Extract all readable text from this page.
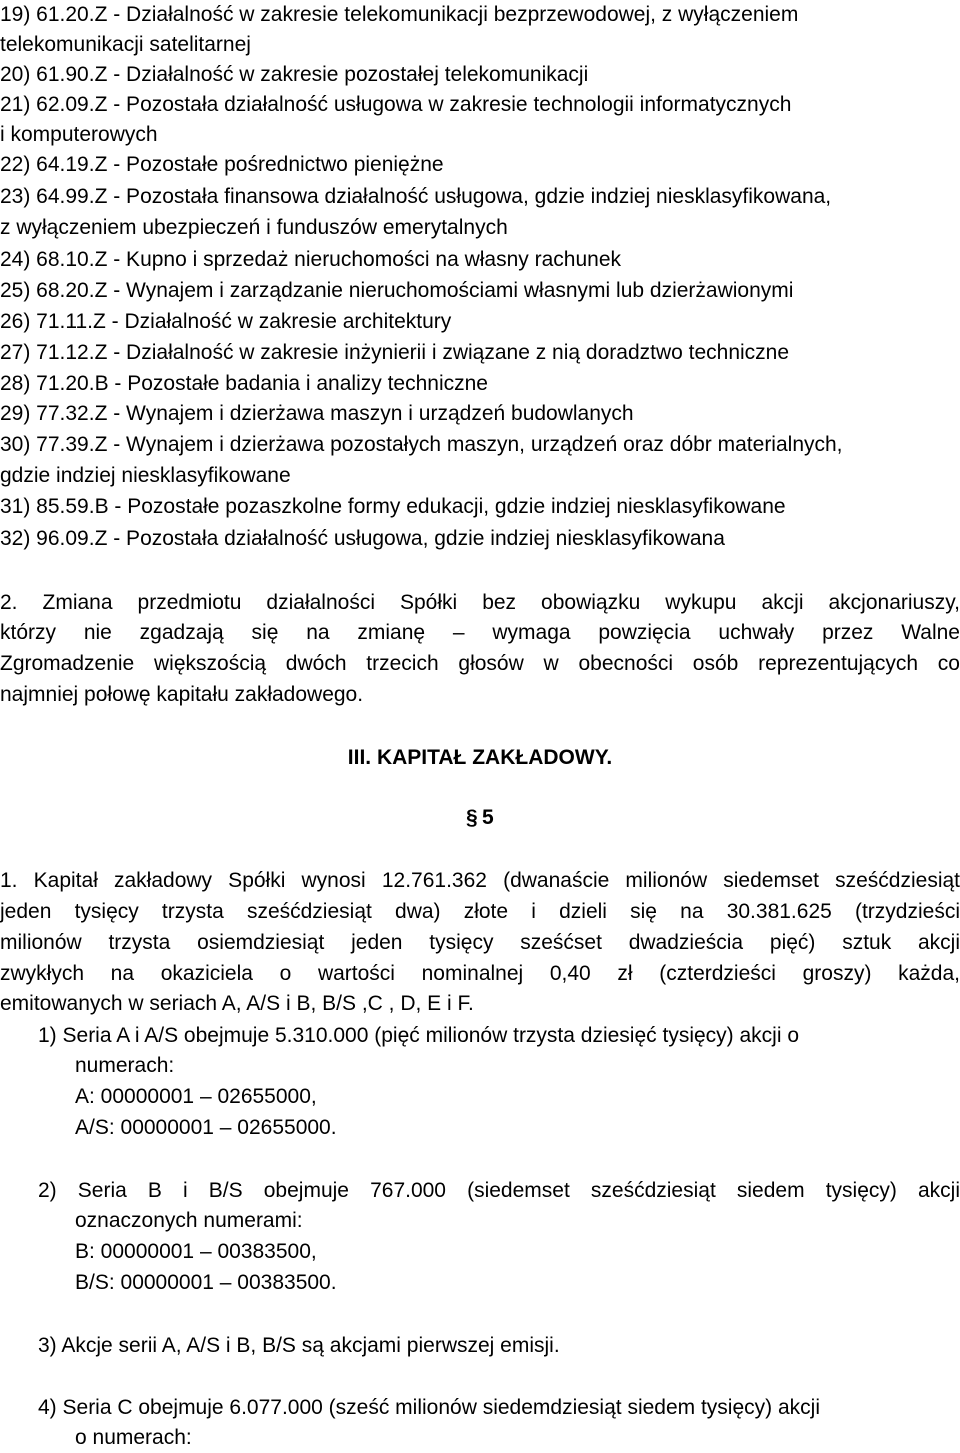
19) 61.20.Z - Działalność w zakresie telekomunikacji bezprzewodowej, z wyłączeniem
telekomunikacji satelitarnej
20) 61.90.Z - Działalność w zakresie pozostałej telekomunikacji
21) 62.09.Z - Pozostała działalność usługowa w zakresie technologii informatycznych
i komputerowych
22) 64.19.Z - Pozostałe pośrednictwo pieniężne
23) 64.99.Z - Pozostała finansowa działalność usługowa, gdzie indziej niesklasyfikowana,
z wyłączeniem ubezpieczeń i funduszów emerytalnych
24) 68.10.Z - Kupno i sprzedaż nieruchomości na własny rachunek
25) 68.20.Z - Wynajem i zarządzanie nieruchomościami własnymi lub dzierżawionymi
26) 71.11.Z - Działalność w zakresie architektury
27) 71.12.Z - Działalność w zakresie inżynierii i związane z nią doradztwo techniczne
28) 71.20.B - Pozostałe badania i analizy techniczne
29) 77.32.Z - Wynajem i dzierżawa maszyn i urządzeń budowlanych
30) 77.39.Z - Wynajem i dzierżawa pozostałych maszyn, urządzeń oraz dóbr materialnych,
gdzie indziej niesklasyfikowane
31) 85.59.B - Pozostałe pozaszkolne formy edukacji, gdzie indziej niesklasyfikowane
32) 96.09.Z - Pozostała działalność usługowa, gdzie indziej niesklasyfikowana
2. Zmiana przedmiotu działalności Spółki bez obowiązku wykupu akcji akcjonariuszy,
którzy nie zgadzają się na zmianę – wymaga powzięcia uchwały przez Walne
Zgromadzenie większością dwóch trzecich głosów w obecności osób reprezentujących co
najmniej połowę kapitału zakładowego.
III. KAPITAŁ ZAKŁADOWY.
§ 5
1. Kapitał zakładowy Spółki wynosi 12.761.362 (dwanaście milionów siedemset sześćdziesiąt
jeden tysięcy trzysta sześćdziesiąt dwa) złote i dzieli się na 30.381.625 (trzydzieści
milionów trzysta osiemdziesiąt jeden tysięcy sześćset dwadzieścia pięć) sztuk akcji
zwykłych na okaziciela o wartości nominalnej 0,40 zł (czterdzieści groszy) każda,
emitowanych w seriach A, A/S i B, B/S ,C , D, E i F.
1) Seria A i A/S obejmuje 5.310.000 (pięć milionów trzysta dziesięć tysięcy) akcji o
numerach:
A: 00000001 – 02655000,
A/S: 00000001 – 02655000.
2) Seria B i B/S obejmuje 767.000 (siedemset sześćdziesiąt siedem tysięcy) akcji
oznaczonych numerami:
B: 00000001 – 00383500,
B/S: 00000001 – 00383500.
3) Akcje serii A, A/S i B, B/S są akcjami pierwszej emisji.
4) Seria C obejmuje 6.077.000 (sześć milionów siedemdziesiąt siedem tysięcy) akcji
o numerach:
